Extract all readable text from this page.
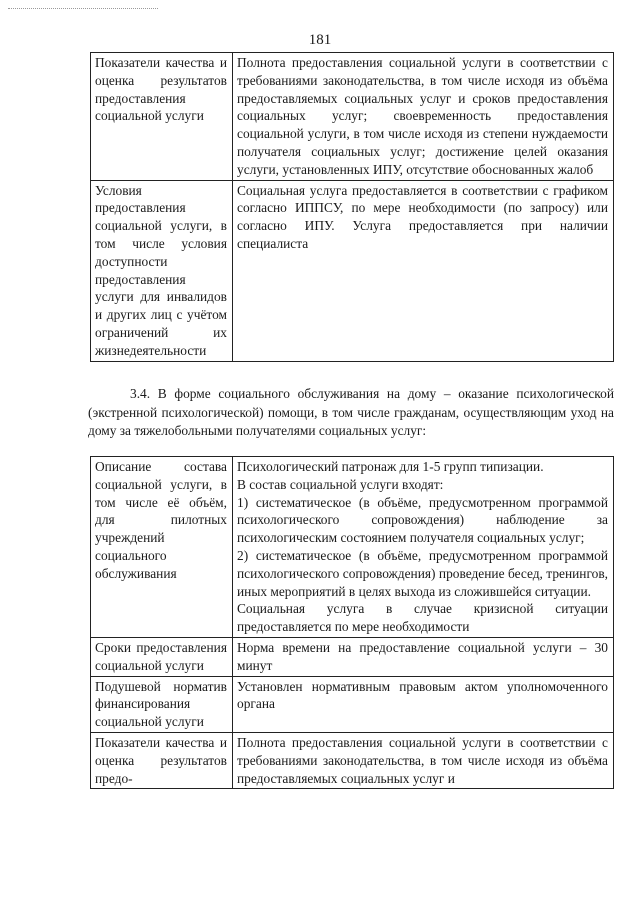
181
Показатели качества и оценка результатов предоставления социальной услуги	Полнота предоставления социальной услуги в соответствии с требованиями законодательства, в том числе исходя из объёма предоставляемых социальных услуг и сроков предоставления социальных услуг; своевременность предоставления социальной услуги, в том числе исходя из степени нуждаемости получателя социальных услуг; достижение целей оказания услуги, установленных ИПУ, отсутствие обоснованных жалоб
Условия предоставления социальной услуги, в том числе условия доступности предоставления услуги для инвалидов и других лиц с учётом ограничений их жизнедеятельности	Социальная услуга предоставляется в соответствии с графиком согласно ИППСУ, по мере необходимости (по запросу) или согласно ИПУ. Услуга предоставляется при наличии специалиста

3.4. В форме социального обслуживания на дому – оказание психологической (экстренной психологической) помощи, в том числе гражданам, осуществляющим уход на дому за тяжелобольными получателями социальных услуг:

Описание состава социальной услуги, в том числе её объём, для пилотных учреждений социального обслуживания	Психологический патронаж для 1-5 групп типизации.
В состав социальной услуги входят:
1) систематическое (в объёме, предусмотренном программой психологического сопровождения) наблюдение за психологическим состоянием получателя социальных услуг;
2) систематическое (в объёме, предусмотренном программой психологического сопровождения) проведение бесед, тренингов, иных мероприятий в целях выхода из сложившейся ситуации.
Социальная услуга в случае кризисной ситуации предоставляется по мере необходимости

Сроки предоставления социальной услуги	Норма времени на предоставление социальной услуги – 30 минут
Подушевой норматив финансирования социальной услуги	Установлен нормативным правовым актом уполномоченного органа
Показатели качества и оценка результатов предо-	Полнота предоставления социальной услуги в соответствии с требованиями законодательства, в том числе исходя из объёма предоставляемых социальных услуг и
